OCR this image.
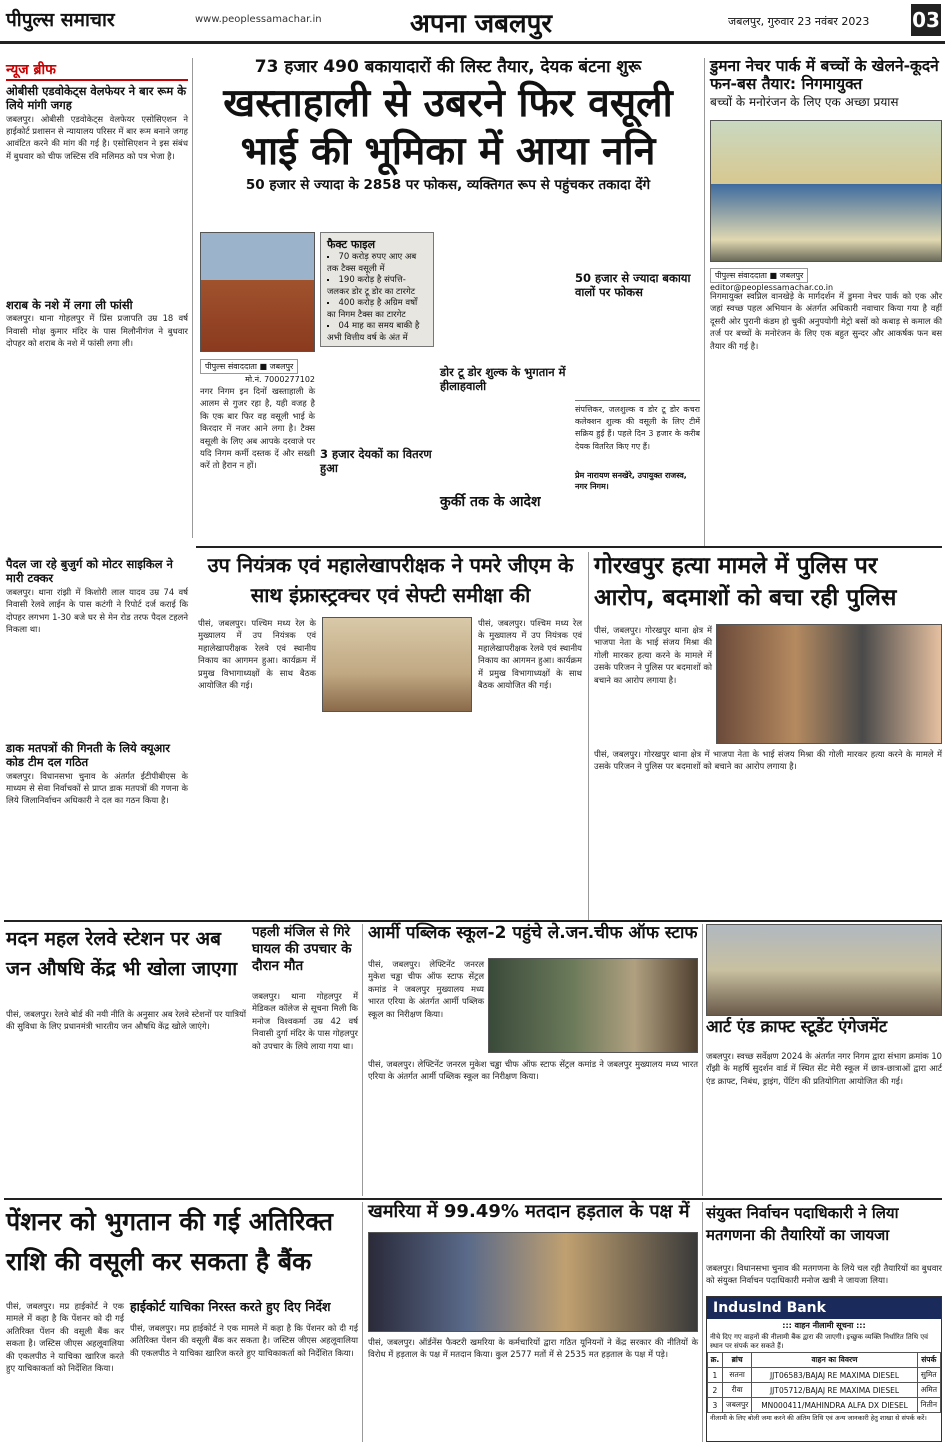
पीपुल्स समाचार	www.peoplessamachar.in	अपना जबलपुर	जबलपुर, गुरुवार 23 नवंबर 2023 03
न्यूज ब्रीफ
ओबीसी एडवोकेट्स वेलफेयर ने बार रूम के लिये मांगी जगह
जबलपुर। ओबीसी एडवोकेट्स वेलफेयर एसोसिएशन ने हाईकोर्ट प्रशासन से न्यायालय परिसर में बार रूम बनाने जगह आवंटित करने की मांग की गई है। एसोसिएशन ने इस संबंध में बुधवार को चीफ जस्टिस रवि मलिमठ को पत्र भेजा है।
शराब के नशे में लगा ली फांसी
जबलपुर। थाना गोहलपुर में प्रिंस प्रजापति उम्र 18 वर्ष निवासी मोक्ष कुमार मंदिर के पास मिलौनीगंज ने बुधवार दोपहर को शराब के नशे में फांसी लगा ली।
पैदल जा रहे बुजुर्ग को मोटर साइकिल ने मारी टक्कर
जबलपुर। थाना रांझी में किशोरी लाल यादव उम्र 74 वर्ष निवासी रेलवे लाईन के पास कटंगी ने रिपोर्ट दर्ज कराई कि दोपहर लगभग 1-30 बजे घर से मेन रोड तरफ पैदल टहलने निकला था।
डाक मतपत्रों की गिनती के लिये क्यूआर कोड टीम दल गठित
जबलपुर। विधानसभा चुनाव के अंतर्गत ईटीपीबीएस के माध्यम से सेवा निर्वाचकों से प्राप्त डाक मतपत्रों की गणना के लिये जिलानिर्वाचन अधिकारी ने दल का गठन किया है।
73 हजार 490 बकायादारों की लिस्ट तैयार, देयक बंटना शुरू
खस्ताहाली से उबरने फिर वसूली भाई की भूमिका में आया ननि
50 हजार से ज्यादा के 2858 पर फोकस, व्यक्तिगत रूप से पहुंचकर तकादा देंगे
पीपुल्स संवाददाता ■ जबलपुर
मो.नं. 7000277102
फैक्ट फाइल
▪ 70 करोड़ रुपए आए अब तक टैक्स वसूली में
▪ 190 करोड़ है संपत्ति-जलकर डोर टू डोर का टारगेट
▪ 400 करोड़ है अग्रिम वर्षों का निगम टैक्स का टारगेट
▪ 04 माह का समय बाकी है अभी वित्तीय वर्ष के अंत में
नगर निगम इन दिनों खस्ताहाली के आलम से गुजर रहा है, यही वजह है कि एक बार फिर वह वसूली भाई के किरदार में नजर आने लगा है। टैक्स वसूली के लिए अब आपके दरवाजे पर यदि निगम कर्मी दस्तक दें और सख्ती करें तो हैरान न हों।
3 हजार देयकों का वितरण हुआ
डोर टू डोर शुल्क के भुगतान में हीलाहवाली
कुर्की तक के आदेश
50 हजार से ज्यादा बकाया वालों पर फोकस
संपत्तिकर, जलशुल्क व डोर टू डोर कचरा कलेक्शन शुल्क की वसूली के लिए टीमें सक्रिय हुई हैं। पहले दिन 3 हजार के करीब देयक वितरित किए गए हैं।
प्रेम नारायण सनखेरे, उपायुक्त राजस्व, नगर निगम।
डुमना नेचर पार्क में बच्चों के खेलने-कूदने फन-बस तैयार: निगमायुक्त
बच्चों के मनोरंजन के लिए एक अच्छा प्रयास
पीपुल्स संवाददाता ■ जबलपुर
editor@peoplessamachar.co.in
निगमायुक्त स्वप्निल वानखेड़े के मार्गदर्शन में डुमना नेचर पार्क को एक और जहां स्वच्छ पहल अभियान के अंतर्गत अधिकारी नवाचार किया गया है वहीं दूसरी ओर पुरानी कंडम हो चुकी अनुपयोगी मेट्रो बसों को कबाड़ से कमाल की तर्ज पर बच्चों के मनोरंजन के लिए एक बहुत सुन्दर और आकर्षक फन बस तैयार की गई है।
उप नियंत्रक एवं महालेखापरीक्षक ने पमरे जीएम के साथ इंफ्रास्ट्रक्चर एवं सेफ्टी समीक्षा की
पीसं, जबलपुर। पश्चिम मध्य रेल के मुख्यालय में उप नियंत्रक एवं महालेखापरीक्षक रेलवे एवं स्थानीय निकाय का आगमन हुआ। कार्यक्रम में प्रमुख विभागाध्यक्षों के साथ बैठक आयोजित की गई।
पीसं, जबलपुर। पश्चिम मध्य रेल के मुख्यालय में उप नियंत्रक एवं महालेखापरीक्षक रेलवे एवं स्थानीय निकाय का आगमन हुआ। कार्यक्रम में प्रमुख विभागाध्यक्षों के साथ बैठक आयोजित की गई।
गोरखपुर हत्या मामले में पुलिस पर आरोप, बदमाशों को बचा रही पुलिस
पीसं, जबलपुर। गोरखपुर थाना क्षेत्र में भाजपा नेता के भाई संजय मिश्रा की गोली मारकर हत्या करने के मामले में उसके परिजन ने पुलिस पर बदमाशों को बचाने का आरोप लगाया है।
पीसं, जबलपुर। गोरखपुर थाना क्षेत्र में भाजपा नेता के भाई संजय मिश्रा की गोली मारकर हत्या करने के मामले में उसके परिजन ने पुलिस पर बदमाशों को बचाने का आरोप लगाया है।
मदन महल रेलवे स्टेशन पर अब जन औषधि केंद्र भी खोला जाएगा
पीसं, जबलपुर। रेलवे बोर्ड की नयी नीति के अनुसार अब रेलवे स्टेशनों पर यात्रियों की सुविधा के लिए प्रधानमंत्री भारतीय जन औषधि केंद्र खोले जाएंगे।
पहली मंजिल से गिरे घायल की उपचार के दौरान मौत
जबलपुर। थाना गोहलपुर में मेडिकल कॉलेज से सूचना मिली कि मनोज विश्वकर्मा उम्र 42 वर्ष निवासी दुर्गा मंदिर के पास गोहलपुर को उपचार के लिये लाया गया था।
आर्मी पब्लिक स्कूल-2 पहुंचे ले.जन.चीफ ऑफ स्टाफ
पीसं, जबलपुर। लेफ्टिनेंट जनरल मुकेश चड्ढा चीफ ऑफ स्टाफ सेंट्रल कमांड ने जबलपुर मुख्यालय मध्य भारत एरिया के अंतर्गत आर्मी पब्लिक स्कूल का निरीक्षण किया।
पीसं, जबलपुर। लेफ्टिनेंट जनरल मुकेश चड्ढा चीफ ऑफ स्टाफ सेंट्रल कमांड ने जबलपुर मुख्यालय मध्य भारत एरिया के अंतर्गत आर्मी पब्लिक स्कूल का निरीक्षण किया।
आर्ट एंड क्राफ्ट स्टूडेंट एंगेजमेंट
जबलपुर। स्वच्छ सर्वेक्षण 2024 के अंतर्गत नगर निगम द्वारा संभाग क्रमांक 10 राँझी के महर्षि सुदर्शन वार्ड में स्थित सेंट मेरी स्कूल में छात्र-छात्राओं द्वारा आर्ट एंड क्राफ्ट, निबंध, ड्राइंग, पेंटिंग की प्रतियोगिता आयोजित की गई।
पेंशनर को भुगतान की गई अतिरिक्त राशि की वसूली कर सकता है बैंक
हाईकोर्ट याचिका निरस्त करते हुए दिए निर्देश
पीसं, जबलपुर। मप्र हाईकोर्ट ने एक मामले में कहा है कि पेंशनर को दी गई अतिरिक्त पेंशन की वसूली बैंक कर सकता है। जस्टिस जीएस अहलूवालिया की एकलपीठ ने याचिका खारिज करते हुए याचिकाकर्ता को निर्देशित किया।
पीसं, जबलपुर। मप्र हाईकोर्ट ने एक मामले में कहा है कि पेंशनर को दी गई अतिरिक्त पेंशन की वसूली बैंक कर सकता है। जस्टिस जीएस अहलूवालिया की एकलपीठ ने याचिका खारिज करते हुए याचिकाकर्ता को निर्देशित किया।
खमरिया में 99.49% मतदान हड़ताल के पक्ष में
पीसं, जबलपुर। ऑर्डनेंस फैक्टरी खमरिया के कर्मचारियों द्वारा गठित यूनियनों ने केंद्र सरकार की नीतियों के विरोध में हड़ताल के पक्ष में मतदान किया। कुल 2577 मतों में से 2535 मत हड़ताल के पक्ष में पड़े।
संयुक्त निर्वाचन पदाधिकारी ने लिया मतगणना की तैयारियों का जायजा
जबलपुर। विधानसभा चुनाव की मतगणना के लिये चल रही तैयारियों का बुधवार को संयुक्त निर्वाचन पदाधिकारी मनोज खत्री ने जायजा लिया।
IndusInd Bank
::: वाहन नीलामी सूचना :::
नीचे दिए गए वाहनों की नीलामी बैंक द्वारा की जाएगी। इच्छुक व्यक्ति निर्धारित तिथि एवं स्थान पर संपर्क कर सकते हैं।
क्र.	ब्रांच	वाहन का विवरण	संपर्क
1	सतना	JJT06583/BAJAJ RE MAXIMA DIESEL	सुमित
2	रीवा	JJT05712/BAJAJ RE MAXIMA DIESEL	अमित
3	जबलपुर	MN000411/MAHINDRA ALFA DX DIESEL	नितीन
नीलामी के लिए बोली जमा करने की अंतिम तिथि एवं अन्य जानकारी हेतु शाखा से संपर्क करें।
